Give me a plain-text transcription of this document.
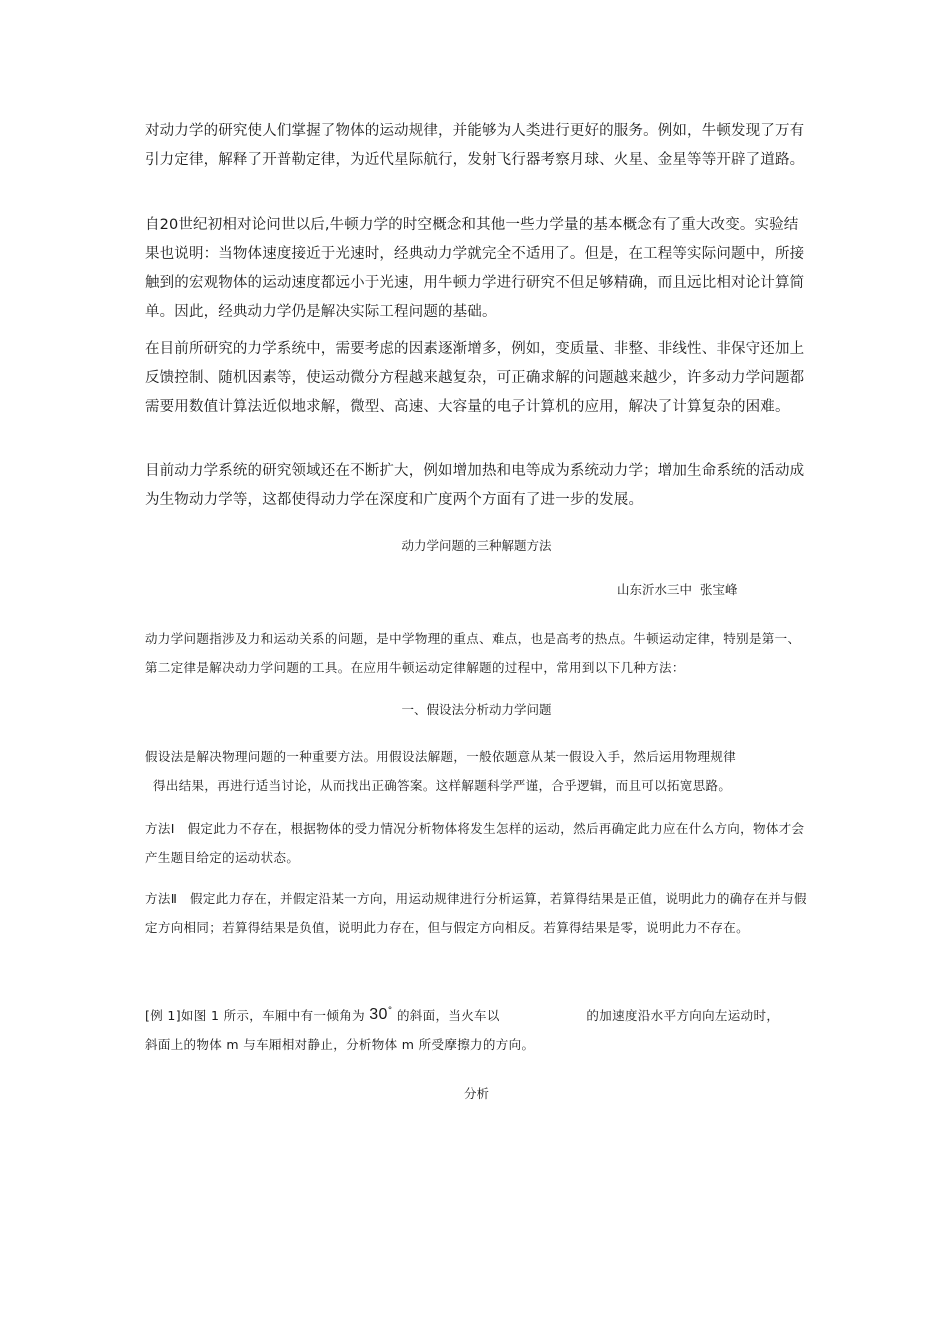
对动力学的研究使人们掌握了物体的运动规律，并能够为人类进行更好的服务。例如，牛顿发现了万有引力定律，解释了开普勒定律，为近代星际航行，发射飞行器考察月球、火星、金星等等开辟了道路。

自20世纪初相对论问世以后,牛顿力学的时空概念和其他一些力学量的基本概念有了重大改变。实验结果也说明：当物体速度接近于光速时，经典动力学就完全不适用了。但是，在工程等实际问题中，所接触到的宏观物体的运动速度都远小于光速，用牛顿力学进行研究不但足够精确，而且远比相对论计算简单。因此，经典动力学仍是解决实际工程问题的基础。

在目前所研究的力学系统中，需要考虑的因素逐渐增多，例如，变质量、非整、非线性、非保守还加上反馈控制、随机因素等，使运动微分方程越来越复杂，可正确求解的问题越来越少，许多动力学问题都需要用数值计算法近似地求解，微型、高速、大容量的电子计算机的应用，解决了计算复杂的困难。

目前动力学系统的研究领域还在不断扩大，例如增加热和电等成为系统动力学；增加生命系统的活动成为生物动力学等，这都使得动力学在深度和广度两个方面有了进一步的发展。

动力学问题的三种解题方法

山东沂水三中  张宝峰

动力学问题指涉及力和运动关系的问题，是中学物理的重点、难点，也是高考的热点。牛顿运动定律，特别是第一、第二定律是解决动力学问题的工具。在应用牛顿运动定律解题的过程中，常用到以下几种方法：

一、假设法分析动力学问题

假设法是解决物理问题的一种重要方法。用假设法解题，一般依题意从某一假设入手，然后运用物理规律
得出结果，再进行适当讨论，从而找出正确答案。这样解题科学严谨，合乎逻辑，而且可以拓宽思路。

方法Ⅰ　假定此力不存在，根据物体的受力情况分析物体将发生怎样的运动，然后再确定此力应在什么方向，物体才会产生题目给定的运动状态。

方法Ⅱ　假定此力存在，并假定沿某一方向，用运动规律进行分析运算，若算得结果是正值，说明此力的确存在并与假定方向相同；若算得结果是负值，说明此力存在，但与假定方向相反。若算得结果是零，说明此力不存在。

[例 1]如图 1 所示，车厢中有一倾角为 30° 的斜面，当火车以	的加速度沿水平方向向左运动时，
斜面上的物体 m 与车厢相对静止，分析物体 m 所受摩擦力的方向。

分析
